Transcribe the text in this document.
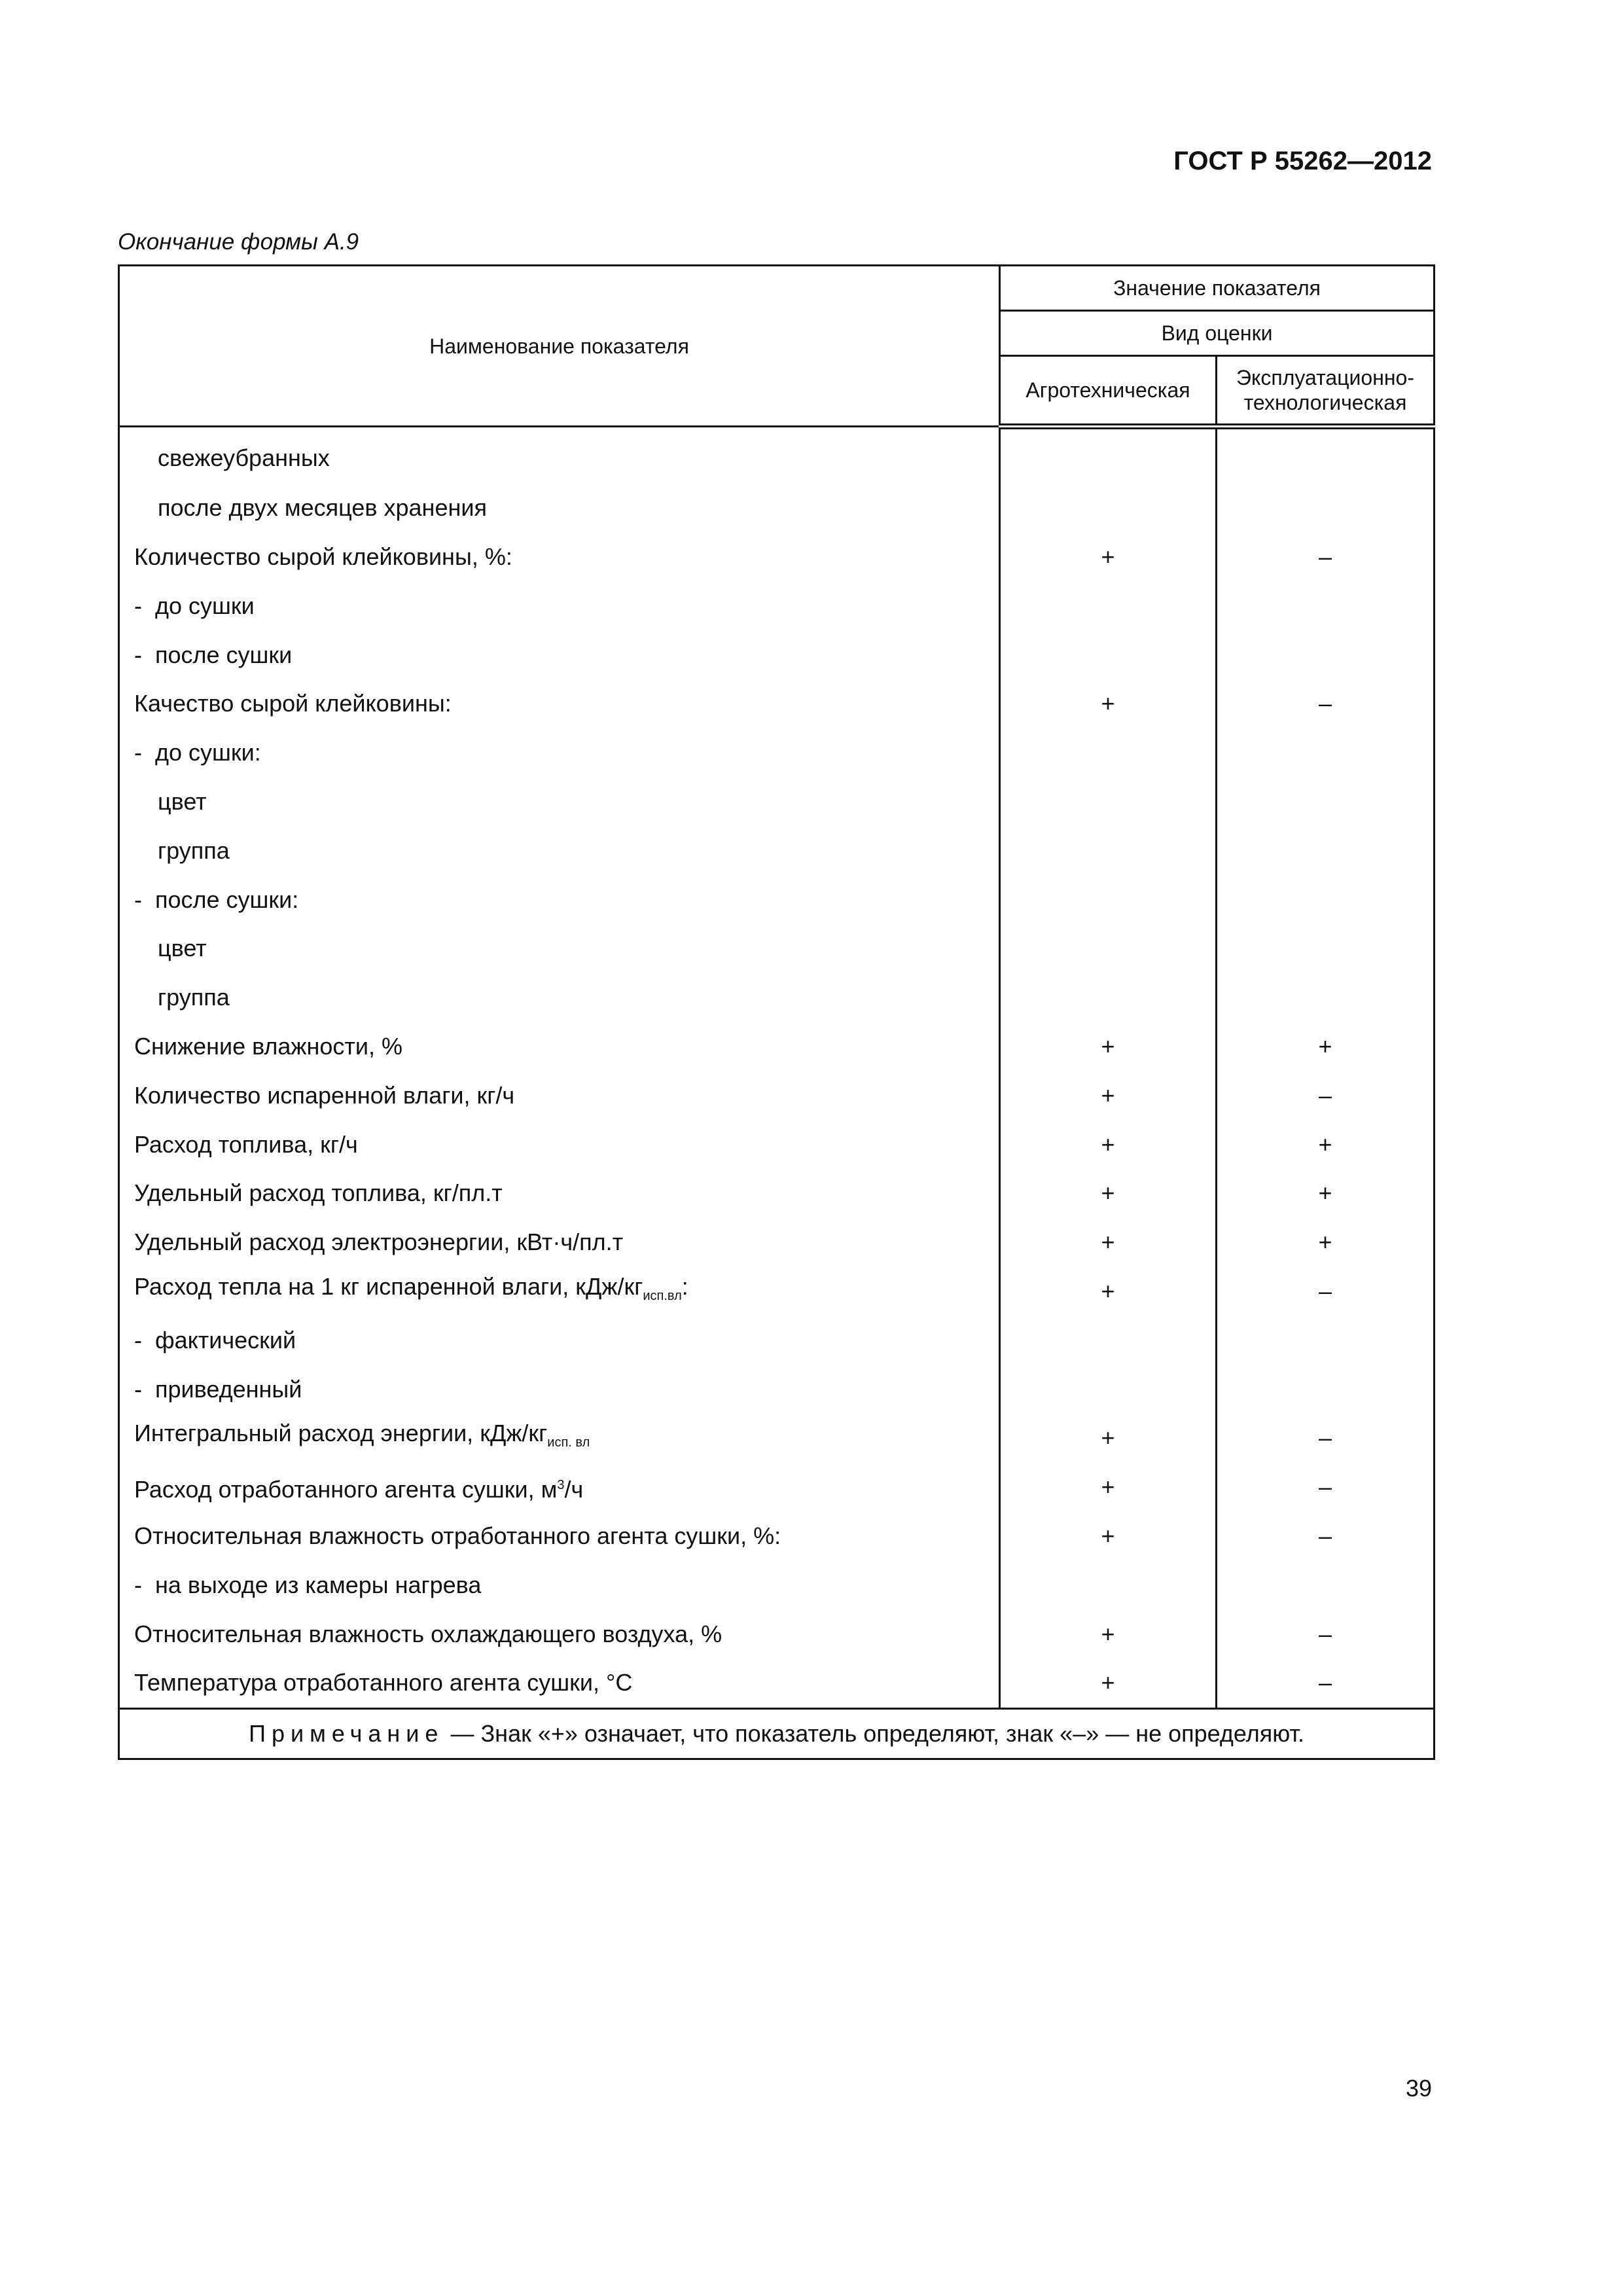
ГОСТ Р 55262—2012
Окончание формы А.9
Наименование показателя	Значение показателя	
	Вид оценки	
	Агротехническая	Эксплуатационно-
технологическая
свежеубранных		
после двух месяцев хранения		
Количество сырой клейковины, %:	+	–
- до сушки		
- после сушки		
Качество сырой клейковины:	+	–
- до сушки:		
цвет		
группа		
- после сушки:		
цвет		
группа		
Снижение влажности, %	+	+
Количество испаренной влаги, кг/ч	+	–
Расход топлива, кг/ч	+	+
Удельный расход топлива, кг/пл.т	+	+
Удельный расход электроэнергии, кВт·ч/пл.т	+	+
Расход тепла на 1 кг испаренной влаги, кДж/$кг_{исп.вл}$:	+	–
- фактический		
- приведенный		
Интегральный расход энергии, кДж/$кг_{исп. вл}$	+	–
Расход отработанного агента сушки, $м^3/ч$	+	–
Относительная влажность отработанного агента сушки, %:	+	–
- на выходе из камеры нагрева		
Относительная влажность охлаждающего воздуха, %	+	–
Температура отработанного агента сушки, °С	+	–
Примечание — Знак «+» означает, что показатель определяют, знак «–» — не определяют.		
39
